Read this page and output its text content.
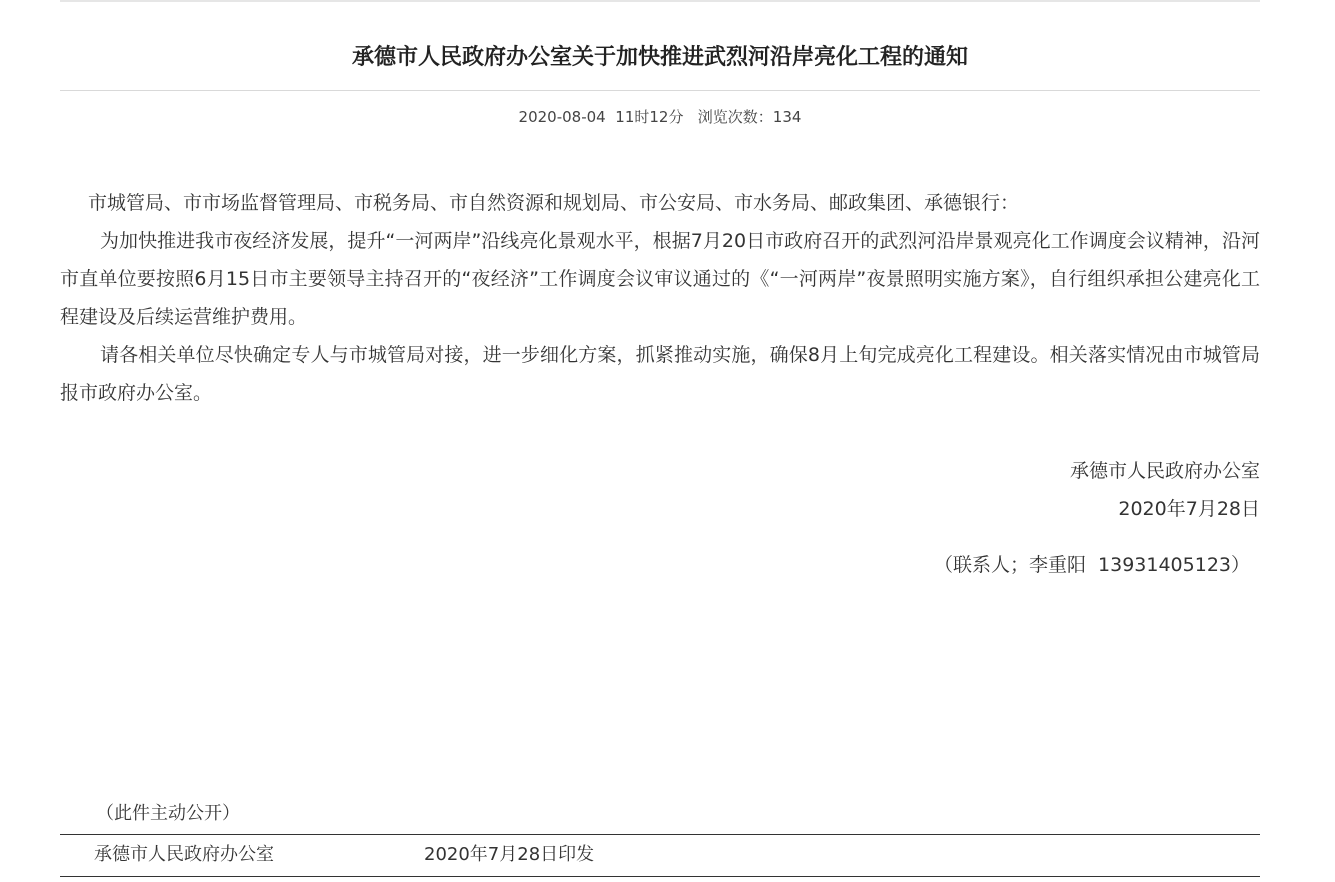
承德市人民政府办公室关于加快推进武烈河沿岸亮化工程的通知
2020-08-04 11时12分 浏览次数：134

市城管局、市市场监督管理局、市税务局、市自然资源和规划局、市公安局、市水务局、邮政集团、承德银行：

为加快推进我市夜经济发展，提升“一河两岸”沿线亮化景观水平，根据7月20日市政府召开的武烈河沿岸景观亮化工作调度会议精神，沿河市直单位要按照6月15日市主要领导主持召开的“夜经济”工作调度会议审议通过的《“一河两岸”夜景照明实施方案》，自行组织承担公建亮化工程建设及后续运营维护费用。

请各相关单位尽快确定专人与市城管局对接，进一步细化方案，抓紧推动实施，确保8月上旬完成亮化工程建设。相关落实情况由市城管局报市政府办公室。

承德市人民政府办公室
2020年7月28日
（联系人；李重阳  13931405123）
（此件主动公开）
承德市人民政府办公室	2020年7月28日印发
